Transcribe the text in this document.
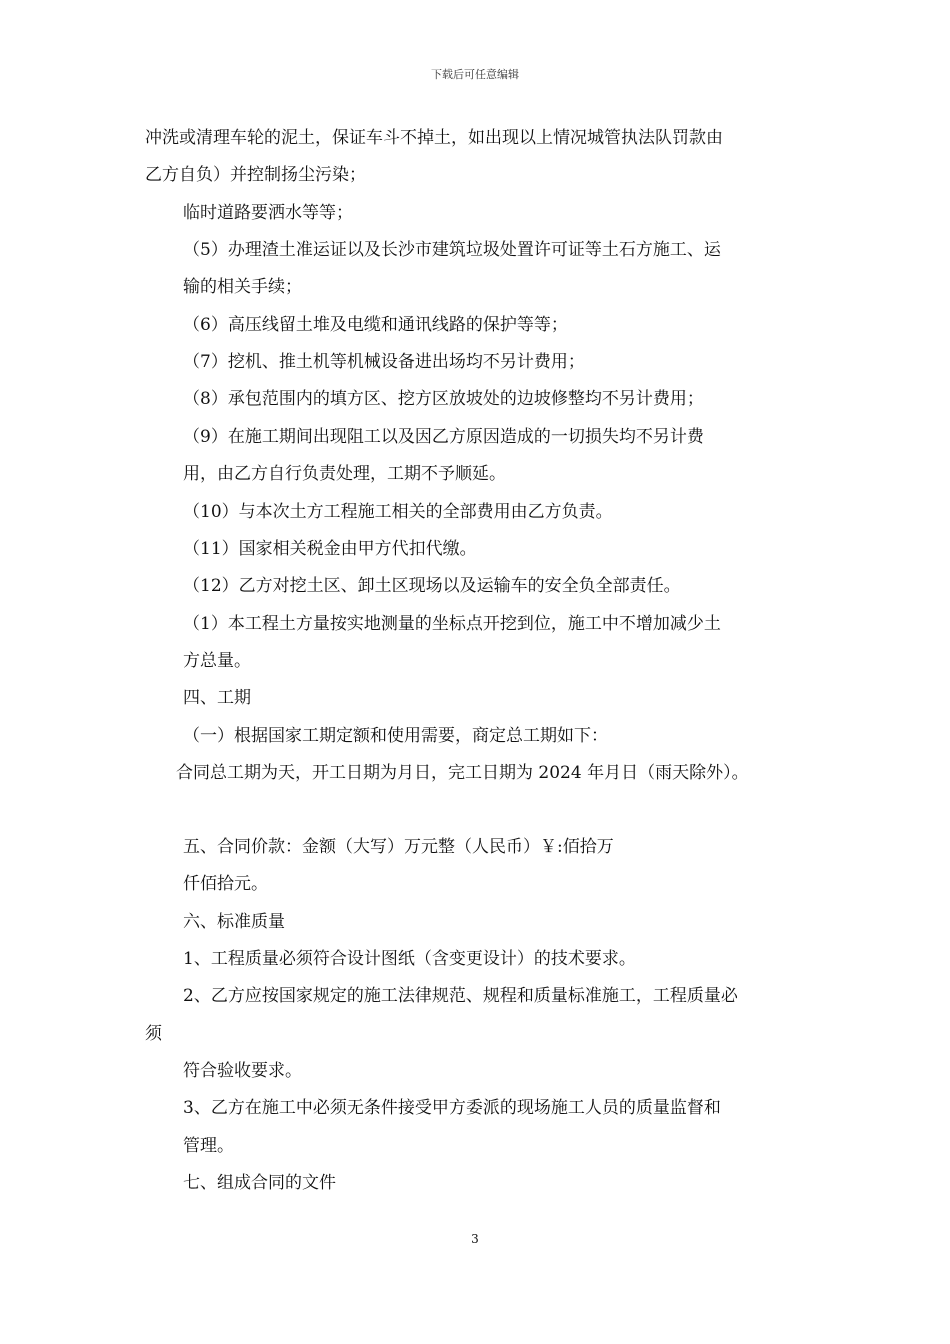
下载后可任意编辑
冲洗或清理车轮的泥土，保证车斗不掉土，如出现以上情况城管执法队罚款由
乙方自负）并控制扬尘污染；
临时道路要洒水等等；
（5）办理渣土准运证以及长沙市建筑垃圾处置许可证等土石方施工、运
输的相关手续；
（6）高压线留土堆及电缆和通讯线路的保护等等；
（7）挖机、推土机等机械设备进出场均不另计费用；
（8）承包范围内的填方区、挖方区放坡处的边坡修整均不另计费用；
（9）在施工期间出现阻工以及因乙方原因造成的一切损失均不另计费
用，由乙方自行负责处理，工期不予顺延。
（10）与本次土方工程施工相关的全部费用由乙方负责。
（11）国家相关税金由甲方代扣代缴。
（12）乙方对挖土区、卸土区现场以及运输车的安全负全部责任。
（1）本工程土方量按实地测量的坐标点开挖到位，施工中不增加减少土
方总量。
四、工期
（一）根据国家工期定额和使用需要，商定总工期如下：
合同总工期为天，开工日期为月日，完工日期为 2024 年月日（雨天除外）。
五、合同价款：金额（大写）万元整（人民币）￥:佰拾万
仟佰拾元。
六、标准质量
1、工程质量必须符合设计图纸（含变更设计）的技术要求。
2、乙方应按国家规定的施工法律规范、规程和质量标准施工，工程质量必
须
符合验收要求。
3、乙方在施工中必须无条件接受甲方委派的现场施工人员的质量监督和
管理。
七、组成合同的文件
3
